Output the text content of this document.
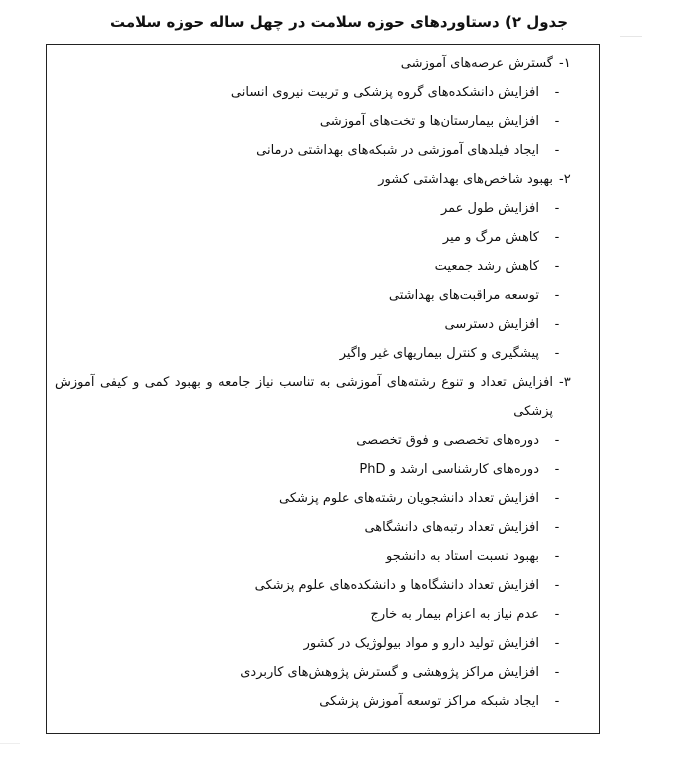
جدول ۲) دستاوردهای حوزه سلامت در چهل ساله حوزه سلامت
۱-
گسترش عرصه‌های آموزشی
-
افزایش دانشکده‌های گروه پزشکی و تربیت نیروی انسانی
-
افزایش بیمارستان‌ها و تخت‌های آموزشی
-
ایجاد فیلدهای آموزشی در شبکه‌های بهداشتی درمانی
۲-
بهبود شاخص‌های بهداشتی کشور
-
افزایش طول عمر
-
کاهش مرگ و میر
-
کاهش رشد جمعیت
-
توسعه مراقبت‌های بهداشتی
-
افزایش دسترسی
-
پیشگیری و کنترل بیماریهای غیر واگیر
۳-
افزایش تعداد و تنوع رشته‌های آموزشی به تناسب نیاز جامعه و بهبود کمی و کیفی آموزش پزشکی
-
دوره‌های تخصصی و فوق تخصصی
-
دوره‌های کارشناسی ارشد و PhD
-
افزایش تعداد دانشجویان رشته‌های علوم پزشکی
-
افزایش تعداد رتبه‌های دانشگاهی
-
بهبود نسبت استاد به دانشجو
-
افزایش تعداد دانشگاه‌ها و دانشکده‌های علوم پزشکی
-
عدم نیاز به اعزام بیمار به خارج
-
افزایش تولید دارو و مواد بیولوژیک در کشور
-
افزایش مراکز پژوهشی و گسترش پژوهش‌های کاربردی
-
ایجاد شبکه مراکز توسعه آموزش پزشکی
